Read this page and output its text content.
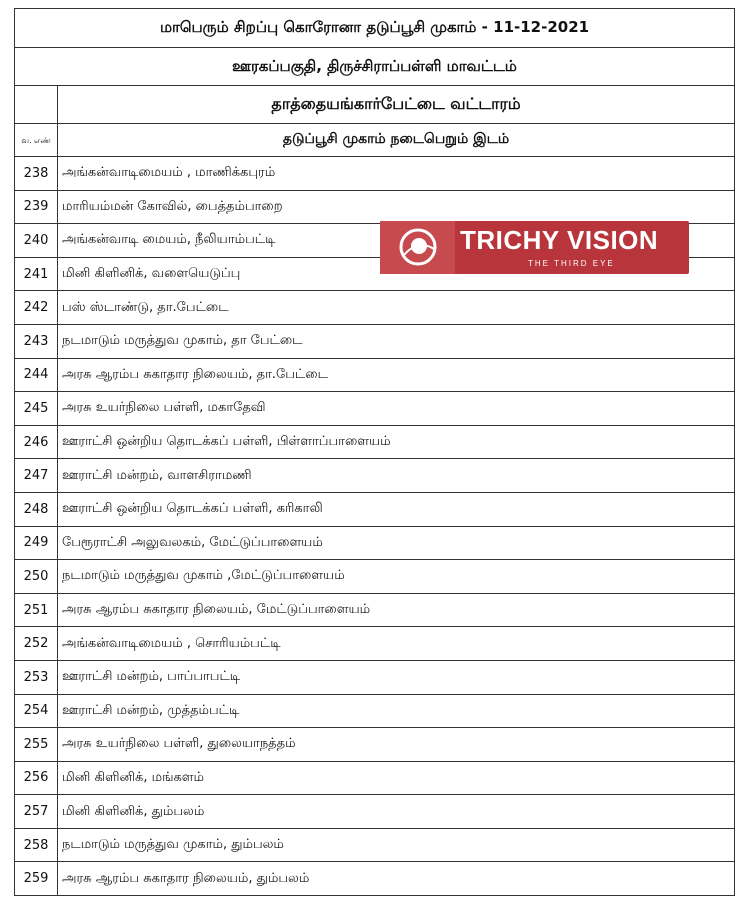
மாபெரும் சிறப்பு கொரோனா தடுப்பூசி முகாம் - 11-12-2021	
ஊரகப்பகுதி, திருச்சிராப்பள்ளி மாவட்டம்	
	தாத்தையங்கார்பேட்டை வட்டாரம்
வ. எண்	தடுப்பூசி முகாம் நடைபெறும் இடம்
238	அங்கன்வாடிமையம் , மாணிக்கபுரம்
239	மாரியம்மன் கோவில், பைத்தம்பாறை
240	அங்கன்வாடி மையம், நீலியாம்பட்டி
241	மினி கிளினிக், வளையெடுப்பு
242	பஸ் ஸ்டாண்டு, தா.பேட்டை
243	நடமாடும் மருத்துவ முகாம், தா பேட்டை
244	அரசு ஆரம்ப சுகாதார நிலையம், தா.பேட்டை
245	அரசு உயர்நிலை பள்ளி, மகாதேவி
246	ஊராட்சி ஒன்றிய தொடக்கப் பள்ளி, பிள்ளாப்பாளையம்
247	ஊராட்சி மன்றம், வாளசிராமணி
248	ஊராட்சி ஒன்றிய தொடக்கப் பள்ளி, கரிகாலி
249	பேரூராட்சி அலுவலகம், மேட்டுப்பாளையம்
250	நடமாடும் மருத்துவ முகாம் ,மேட்டுப்பாளையம்
251	அரசு ஆரம்ப சுகாதார நிலையம், மேட்டுப்பாளையம்
252	அங்கன்வாடிமையம் , சொரியம்பட்டி
253	ஊராட்சி மன்றம், பாப்பாபட்டி
254	ஊராட்சி மன்றம், முத்தம்பட்டி
255	அரசு உயர்நிலை பள்ளி, துலையாநத்தம்
256	மினி கிளினிக், மங்களம்
257	மினி கிளினிக், தும்பலம்
258	நடமாடும் மருத்துவ முகாம், தும்பலம்
259	அரசு ஆரம்ப சுகாதார நிலையம், தும்பலம்
TRICHY VISION
THE THIRD EYE
